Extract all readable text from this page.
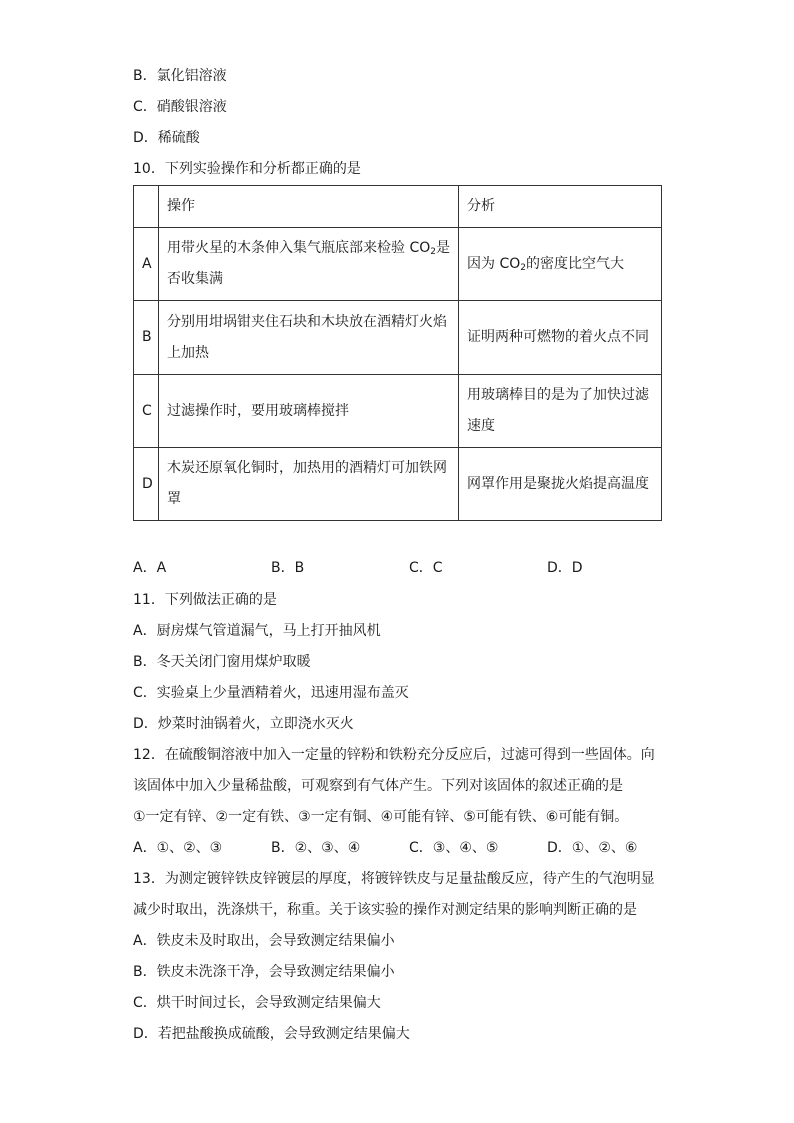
B．氯化铝溶液
C．硝酸银溶液
D．稀硫酸
10．下列实验操作和分析都正确的是
	操作	分析
A	用带火星的木条伸入集气瓶底部来检验 $CO_2$是否收集满	因为 $CO_2$的密度比空气大
B	分别用坩埚钳夹住石块和木块放在酒精灯火焰上加热	证明两种可燃物的着火点不同
C	过滤操作时，要用玻璃棒搅拌	用玻璃棒目的是为了加快过滤速度
D	木炭还原氧化铜时，加热用的酒精灯可加铁网罩	网罩作用是聚拢火焰提高温度
A．A	B．B	C．C	D．D
11．下列做法正确的是
A．厨房煤气管道漏气，马上打开抽风机
B．冬天关闭门窗用煤炉取暖
C．实验桌上少量酒精着火，迅速用湿布盖灭
D．炒菜时油锅着火，立即浇水灭火
12．在硫酸铜溶液中加入一定量的锌粉和铁粉充分反应后，过滤可得到一些固体。向该固体中加入少量稀盐酸，可观察到有气体产生。下列对该固体的叙述正确的是
①一定有锌、②一定有铁、③一定有铜、④可能有锌、⑤可能有铁、⑥可能有铜。
A．①、②、③	B．②、③、④	C．③、④、⑤	D．①、②、⑥
13．为测定镀锌铁皮锌镀层的厚度，将镀锌铁皮与足量盐酸反应，待产生的气泡明显减少时取出，洗涤烘干，称重。关于该实验的操作对测定结果的影响判断正确的是
A．铁皮未及时取出，会导致测定结果偏小
B．铁皮未洗涤干净，会导致测定结果偏小
C．烘干时间过长，会导致测定结果偏大
D．若把盐酸换成硫酸，会导致测定结果偏大
